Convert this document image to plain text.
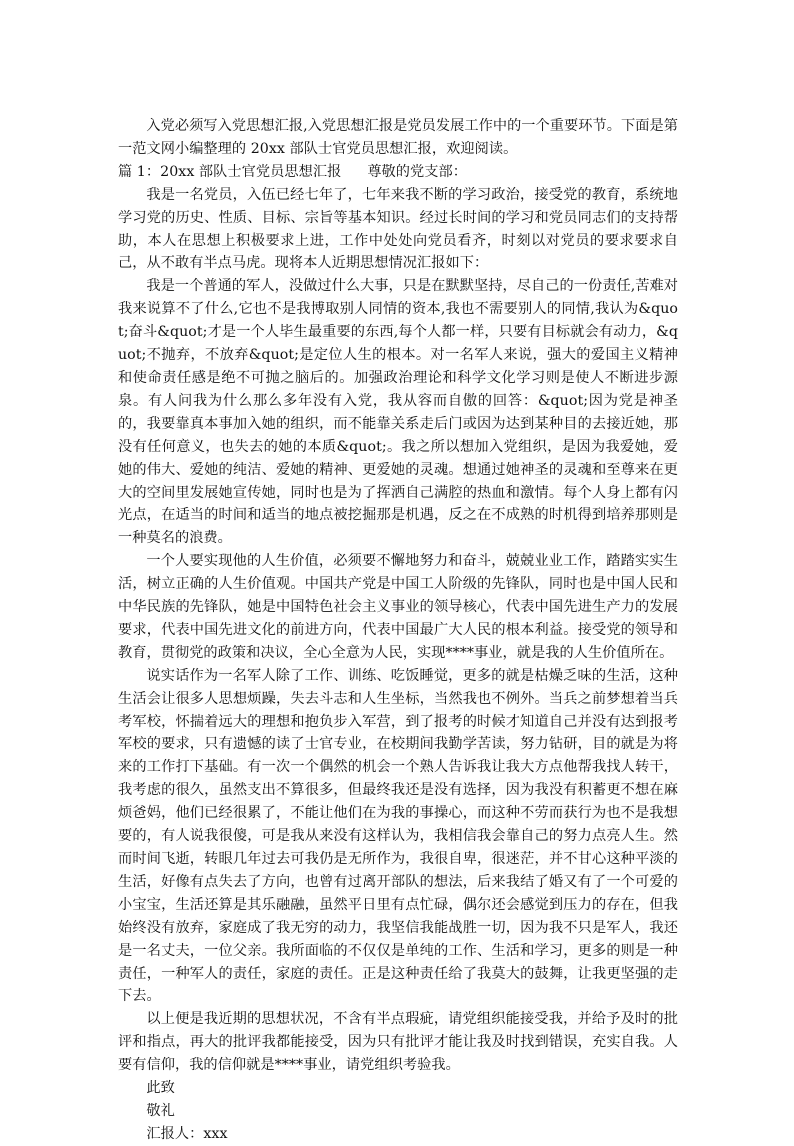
入党必须写入党思想汇报,入党思想汇报是党员发展工作中的一个重要环节。下面是第一范文网小编整理的 20xx 部队士官党员思想汇报，欢迎阅读。

篇 1：20xx 部队士官党员思想汇报 尊敬的党支部：

我是一名党员，入伍已经七年了，七年来我不断的学习政治，接受党的教育，系统地学习党的历史、性质、目标、宗旨等基本知识。经过长时间的学习和党员同志们的支持帮助，本人在思想上积极要求上进，工作中处处向党员看齐，时刻以对党员的要求要求自己，从不敢有半点马虎。现将本人近期思想情况汇报如下：

我是一个普通的军人，没做过什么大事，只是在默默坚持，尽自己的一份责任,苦难对我来说算不了什么,它也不是我博取别人同情的资本,我也不需要别人的同情,我认为&quot;奋斗&quot;才是一个人毕生最重要的东西,每个人都一样，只要有目标就会有动力，&quot;不抛弃，不放弃&quot;是定位人生的根本。对一名军人来说，强大的爱国主义精神和使命责任感是绝不可抛之脑后的。加强政治理论和科学文化学习则是使人不断进步源泉。有人问我为什么那么多年没有入党，我从容而自傲的回答：&quot;因为党是神圣的，我要靠真本事加入她的组织，而不能靠关系走后门或因为达到某种目的去接近她，那没有任何意义，也失去的她的本质&quot;。我之所以想加入党组织，是因为我爱她，爱她的伟大、爱她的纯洁、爱她的精神、更爱她的灵魂。想通过她神圣的灵魂和至尊来在更大的空间里发展她宣传她，同时也是为了挥洒自己满腔的热血和激情。每个人身上都有闪光点，在适当的时间和适当的地点被挖掘那是机遇，反之在不成熟的时机得到培养那则是一种莫名的浪费。

一个人要实现他的人生价值，必须要不懈地努力和奋斗，兢兢业业工作，踏踏实实生活，树立正确的人生价值观。中国共产党是中国工人阶级的先锋队，同时也是中国人民和中华民族的先锋队，她是中国特色社会主义事业的领导核心，代表中国先进生产力的发展要求，代表中国先进文化的前进方向，代表中国最广大人民的根本利益。接受党的领导和教育，贯彻党的政策和决议，全心全意为人民，实现****事业，就是我的人生价值所在。

说实话作为一名军人除了工作、训练、吃饭睡觉，更多的就是枯燥乏味的生活，这种生活会让很多人思想烦躁，失去斗志和人生坐标，当然我也不例外。当兵之前梦想着当兵考军校，怀揣着远大的理想和抱负步入军营，到了报考的时候才知道自己并没有达到报考军校的要求，只有遗憾的读了士官专业，在校期间我勤学苦读，努力钻研，目的就是为将来的工作打下基础。有一次一个偶然的机会一个熟人告诉我让我大方点他帮我找人转干，我考虑的很久，虽然支出不算很多，但最终我还是没有选择，因为我没有积蓄更不想在麻烦爸妈，他们已经很累了，不能让他们在为我的事操心，而这种不劳而获行为也不是我想要的，有人说我很傻，可是我从来没有这样认为，我相信我会靠自己的努力点亮人生。然而时间飞逝，转眼几年过去可我仍是无所作为，我很自卑，很迷茫，并不甘心这种平淡的生活，好像有点失去了方向，也曾有过离开部队的想法，后来我结了婚又有了一个可爱的小宝宝，生活还算是其乐融融，虽然平日里有点忙碌，偶尔还会感觉到压力的存在，但我始终没有放弃，家庭成了我无穷的动力，我坚信我能战胜一切，因为我不只是军人，我还是一名丈夫，一位父亲。我所面临的不仅仅是单纯的工作、生活和学习，更多的则是一种责任，一种军人的责任，家庭的责任。正是这种责任给了我莫大的鼓舞，让我更坚强的走下去。

以上便是我近期的思想状况，不含有半点瑕疵，请党组织能接受我，并给予及时的批评和指点，再大的批评我都能接受，因为只有批评才能让我及时找到错误，充实自我。人要有信仰，我的信仰就是****事业，请党组织考验我。

此致

敬礼

汇报人：xxx
